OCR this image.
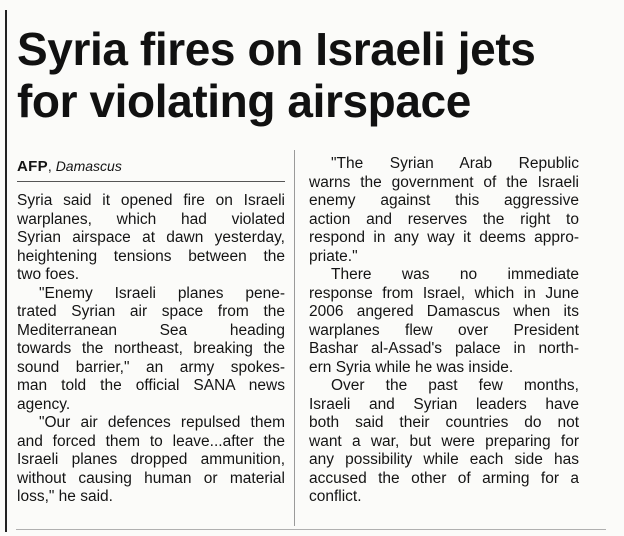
Syria fires on Israeli jets
for violating airspace
AFP, Damascus
Syria said it opened fire on Israeli
warplanes, which had violated
Syrian airspace at dawn yesterday,
heightening tensions between the
two foes.
"Enemy Israeli planes pene-
trated Syrian air space from the
Mediterranean Sea heading
towards the northeast, breaking the
sound barrier," an army spokes-
man told the official SANA news
agency.
"Our air defences repulsed them
and forced them to leave...after the
Israeli planes dropped ammunition,
without causing human or material
loss," he said.
"The Syrian Arab Republic
warns the government of the Israeli
enemy against this aggressive
action and reserves the right to
respond in any way it deems appro-
priate."
There was no immediate
response from Israel, which in June
2006 angered Damascus when its
warplanes flew over President
Bashar al-Assad's palace in north-
ern Syria while he was inside.
Over the past few months,
Israeli and Syrian leaders have
both said their countries do not
want a war, but were preparing for
any possibility while each side has
accused the other of arming for a
conflict.
